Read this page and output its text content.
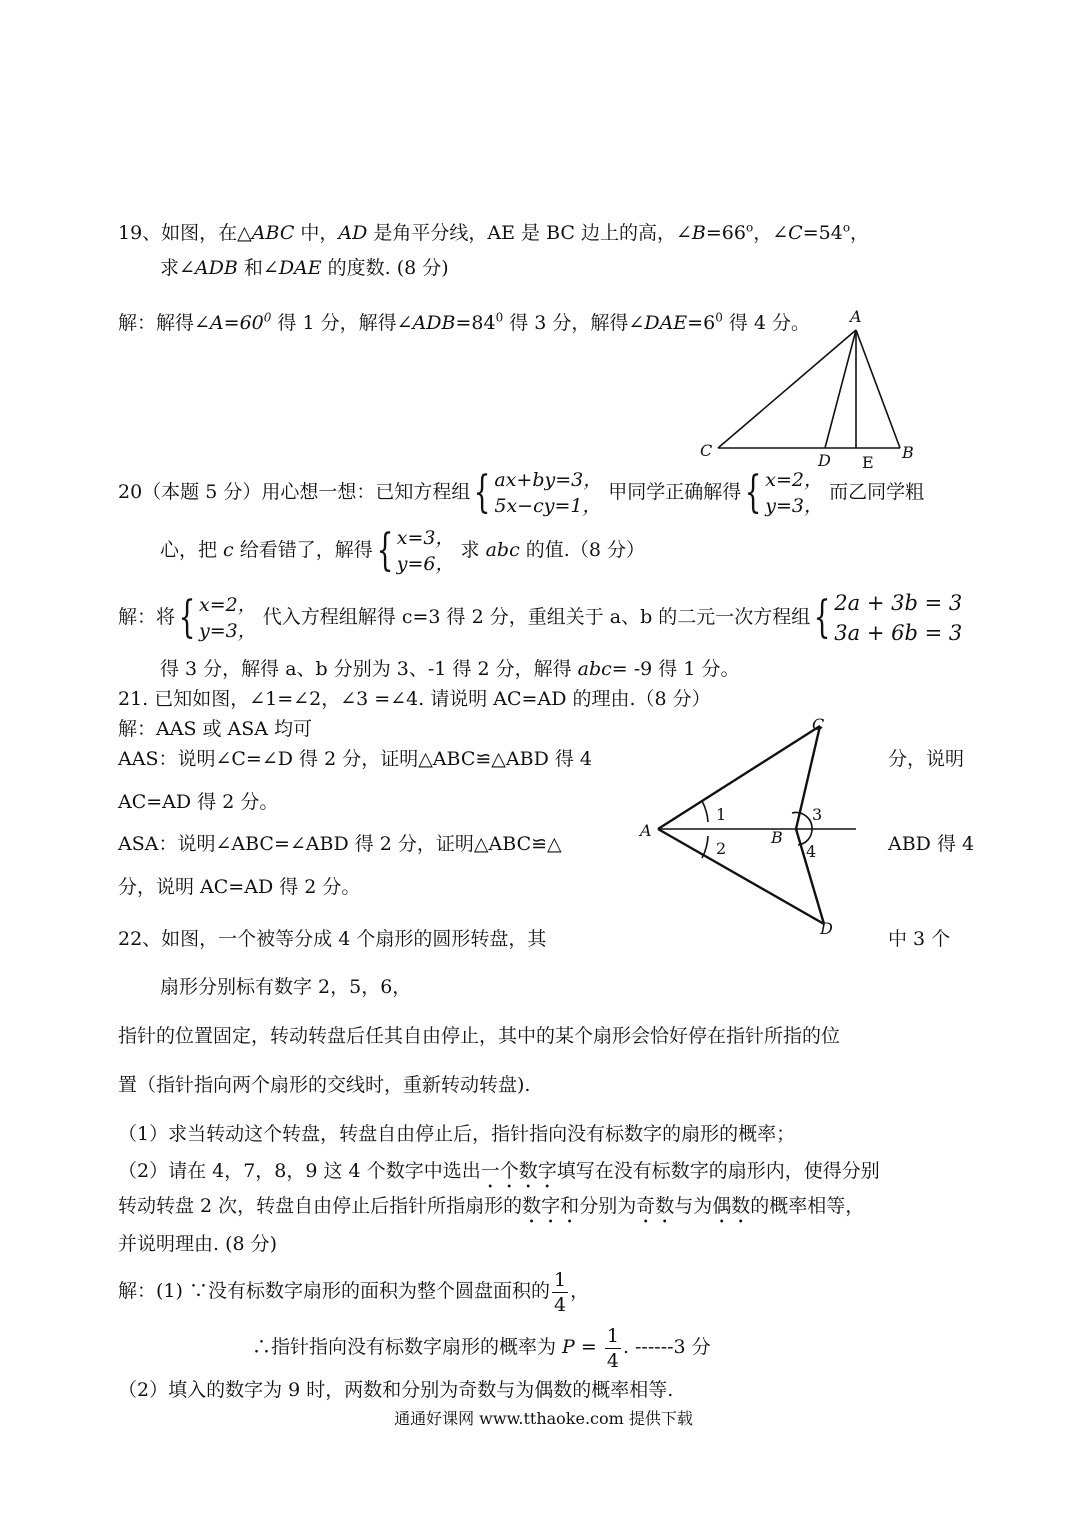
19、如图，在△ABC 中，AD 是角平分线，AE 是 BC 边上的高，$\angle B=66^o$，$\angle C=54^o$，
求∠ADB 和∠DAE 的度数. (8 分)
解：解得$\angle A=60^0$ 得 1 分，解得$\angle ADB=84^0$ 得 3 分，解得$\angle DAE=6^0$ 得 4 分。 A
B
C
D E
20（本题 5 分）用心想一想：已知方程组{ ax+by=3，
5x−cy=1，
甲同学正确解得{ x=2，
y=3，
而乙同学粗
心，把 c 给看错了，解得{ x=3，
y=6，
求 abc 的值.（8 分）
解：将{ x=2，
y=3，
代入方程组解得 c=3 得 2 分，重组关于 a、b 的二元一次方程组{ 2a + 3b = 3
3a + 6b = 3
得 3 分，解得 a、b 分别为 3、-1 得 2 分，解得 abc= -9 得 1 分。
21. 已知如图，∠1=∠2，∠3 =∠4. 请说明 AC=AD 的理由.（8 分）
解：AAS 或 ASA 均可
AAS：说明∠C=∠D 得 2 分，证明△ABC≌△ABD 得 4	分，说明
AC=AD 得 2 分。
ASA：说明∠ABC=∠ABD 得 2 分，证明△ABC≌△	ABD 得 4
分，说明 AC=AD 得 2 分。
A	B
C
D
1
2
3
4
22、如图，一个被等分成 4 个扇形的圆形转盘，其	中 3 个
扇形分别标有数字 2，5，6，
指针的位置固定，转动转盘后任其自由停止，其中的某个扇形会恰好停在指针所指的位
置（指针指向两个扇形的交线时，重新转动转盘).
（1）求当转动这个转盘，转盘自由停止后，指针指向没有标数字的扇形的概率；
（2）请在 4，7，8，9 这 4 个数字中选出一个数字填写在没有标数字的扇形内，使得分别
转动转盘 2 次，转盘自由停止后指针所指扇形的数字和分别为奇数与为偶数的概率相等，
并说明理由. (8 分)
解：(1) ∵没有标数字扇形的面积为整个圆盘面积的 $\frac{1}{4}$ ，
∴指针指向没有标数字扇形的概率为 $P = \frac{1}{4}$ . ------3 分
（2）填入的数字为 9 时，两数和分别为奇数与为偶数的概率相等.
通通好课网 www.tthaoke.com 提供下载
